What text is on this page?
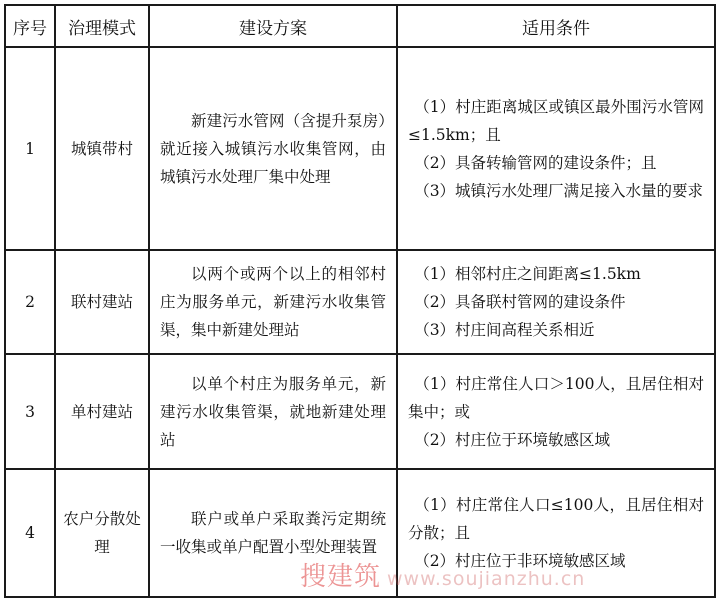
序号	治理模式	建设方案	适用条件
1	城镇带村	新建污水管网（含提升泵房）就近接入城镇污水收集管网，由城镇污水处理厂集中处理	（1）村庄距离城区或镇区最外围污水管网≤1.5km；且
（2）具备转输管网的建设条件；且
（3）城镇污水处理厂满足接入水量的要求

2	联村建站	以两个或两个以上的相邻村庄为服务单元，新建污水收集管渠，集中新建处理站	（1）相邻村庄之间距离≤1.5km
（2）具备联村管网的建设条件
（3）村庄间高程关系相近

3	单村建站	以单个村庄为服务单元，新建污水收集管渠，就地新建处理站	（1）村庄常住人口＞100人，且居住相对集中；或
（2）村庄位于环境敏感区域

4	农户分散处理	联户或单户采取粪污定期统一收集或单户配置小型处理装置	（1）村庄常住人口≤100人，且居住相对分散；且
（2）村庄位于非环境敏感区域
搜建筑 www.soujianzhu.cn
